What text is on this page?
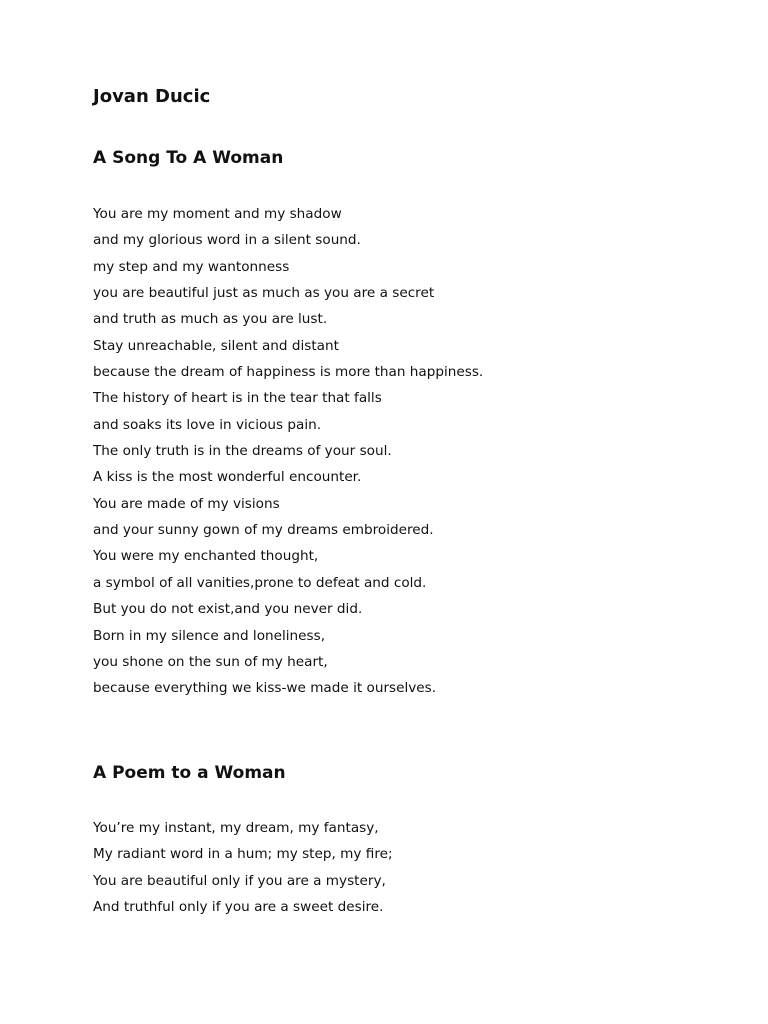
Jovan Ducic
A Song To A Woman
You are my moment and my shadow
and my glorious word in a silent sound.
my step and my wantonness
you are beautiful just as much as you are a secret
and truth as much as you are lust.
Stay unreachable, silent and distant
because the dream of happiness is more than happiness.
The history of heart is in the tear that falls
and soaks its love in vicious pain.
The only truth is in the dreams of your soul.
A kiss is the most wonderful encounter.
You are made of my visions
and your sunny gown of my dreams embroidered.
You were my enchanted thought,
a symbol of all vanities,prone to defeat and cold.
But you do not exist,and you never did.
Born in my silence and loneliness,
you shone on the sun of my heart,
because everything we kiss-we made it ourselves.
A Poem to a Woman
You’re my instant, my dream, my fantasy,
My radiant word in a hum; my step, my fire;
You are beautiful only if you are a mystery,
And truthful only if you are a sweet desire.
